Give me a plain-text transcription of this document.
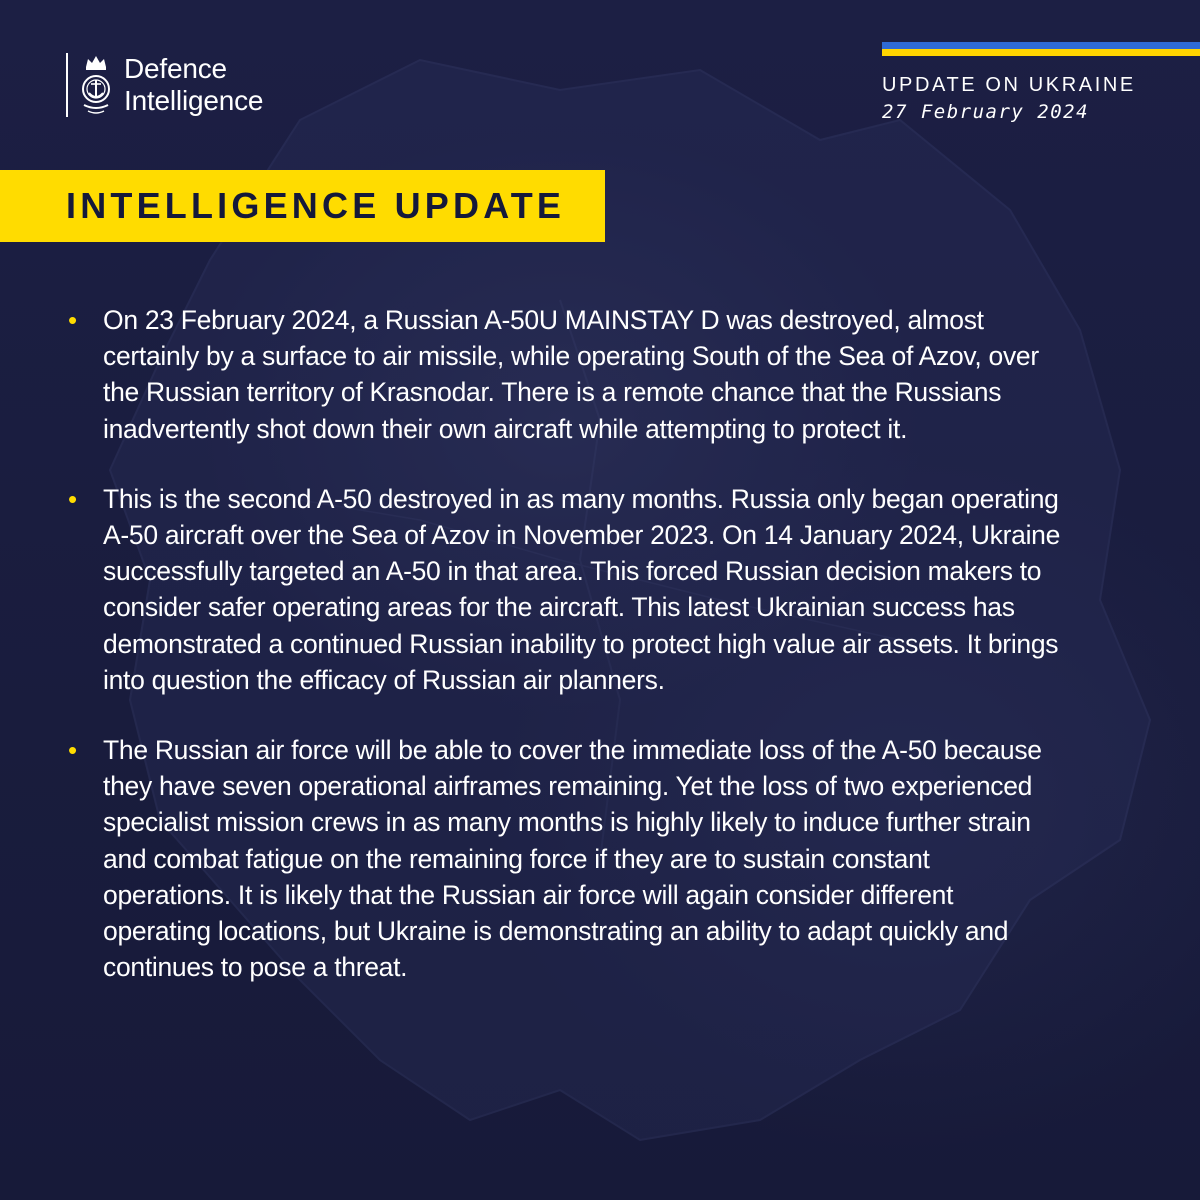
Defence
Intelligence	UPDATE ON UKRAINE
27 February 2024
INTELLIGENCE UPDATE
• On 23 February 2024, a Russian A-50U MAINSTAY D was destroyed, almost certainly by a surface to air missile, while operating South of the Sea of Azov, over the Russian territory of Krasnodar. There is a remote chance that the Russians inadvertently shot down their own aircraft while attempting to protect it.
• This is the second A-50 destroyed in as many months. Russia only began operating A-50 aircraft over the Sea of Azov in November 2023. On 14 January 2024, Ukraine successfully targeted an A-50 in that area. This forced Russian decision makers to consider safer operating areas for the aircraft. This latest Ukrainian success has demonstrated a continued Russian inability to protect high value air assets. It brings into question the efficacy of Russian air planners.
• The Russian air force will be able to cover the immediate loss of the A-50 because they have seven operational airframes remaining. Yet the loss of two experienced specialist mission crews in as many months is highly likely to induce further strain and combat fatigue on the remaining force if they are to sustain constant operations. It is likely that the Russian air force will again consider different operating locations, but Ukraine is demonstrating an ability to adapt quickly and continues to pose a threat.
